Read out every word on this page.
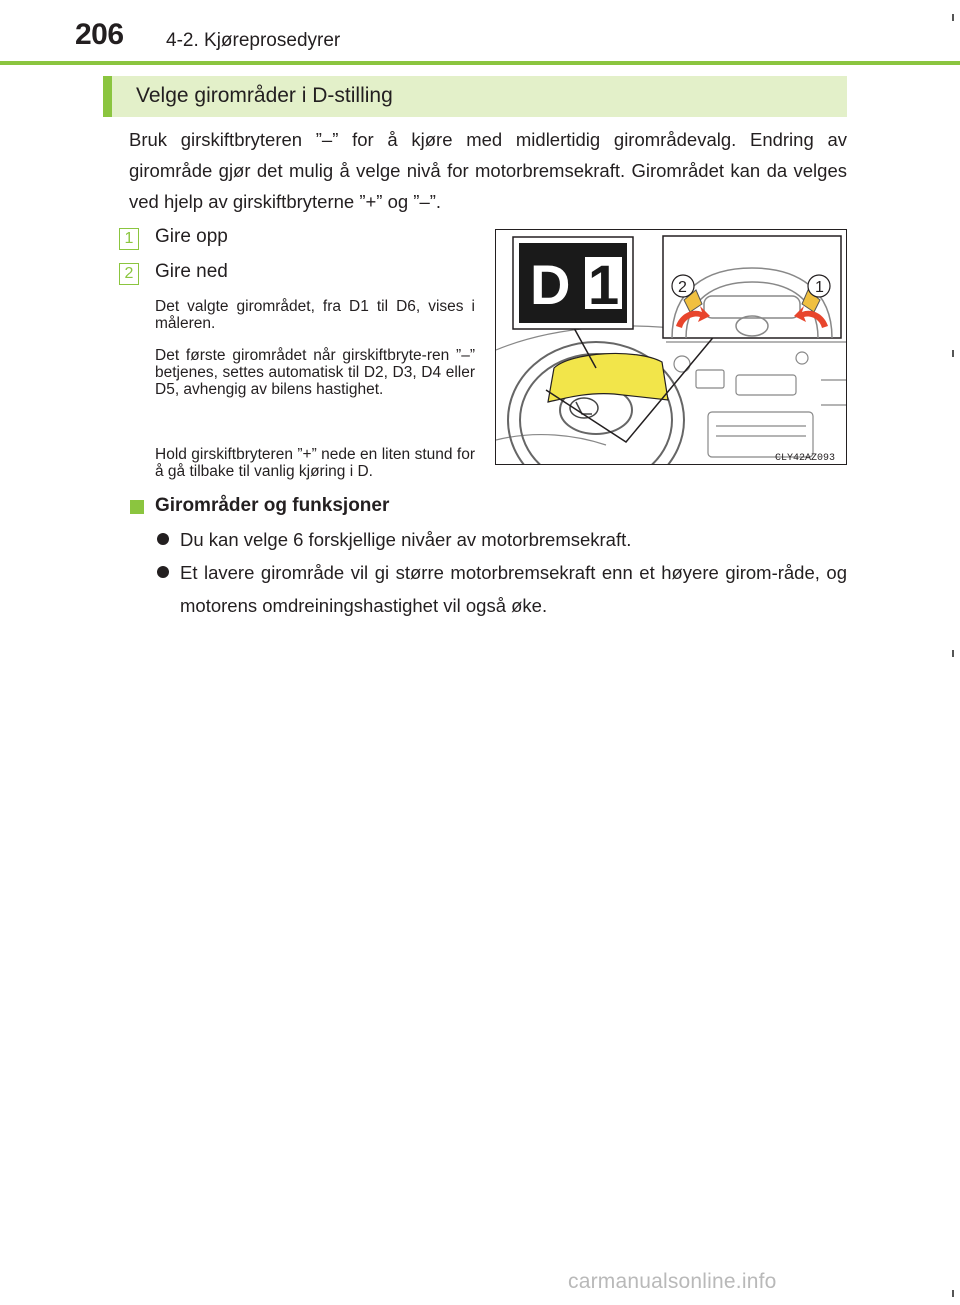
206 4-2. Kjøreprosedyrer
Velge girområder i D-stilling
Bruk girskiftbryteren ”–” for å kjøre med midlertidig girområdevalg. Endring av girområde gjør det mulig å velge nivå for motorbremsekraft. Girområdet kan da velges ved hjelp av girskiftbryterne ”+” og ”–”.
1 Gire opp
2 Gire ned
Det valgte girområdet, fra D1 til D6, vises i måleren.
Det første girområdet når girskiftbryte-ren ”–” betjenes, settes automatisk til D2, D3, D4 eller D5, avhengig av bilens hastighet.
Hold girskiftbryteren ”+” nede en liten stund for å gå tilbake til vanlig kjøring i D.
D 1	2	1
CLY42AZ093
Girområder og funksjoner
Du kan velge 6 forskjellige nivåer av motorbremsekraft.
Et lavere girområde vil gi større motorbremsekraft enn et høyere girom-råde, og motorens omdreiningshastighet vil også øke.
carmanualsonline.info
